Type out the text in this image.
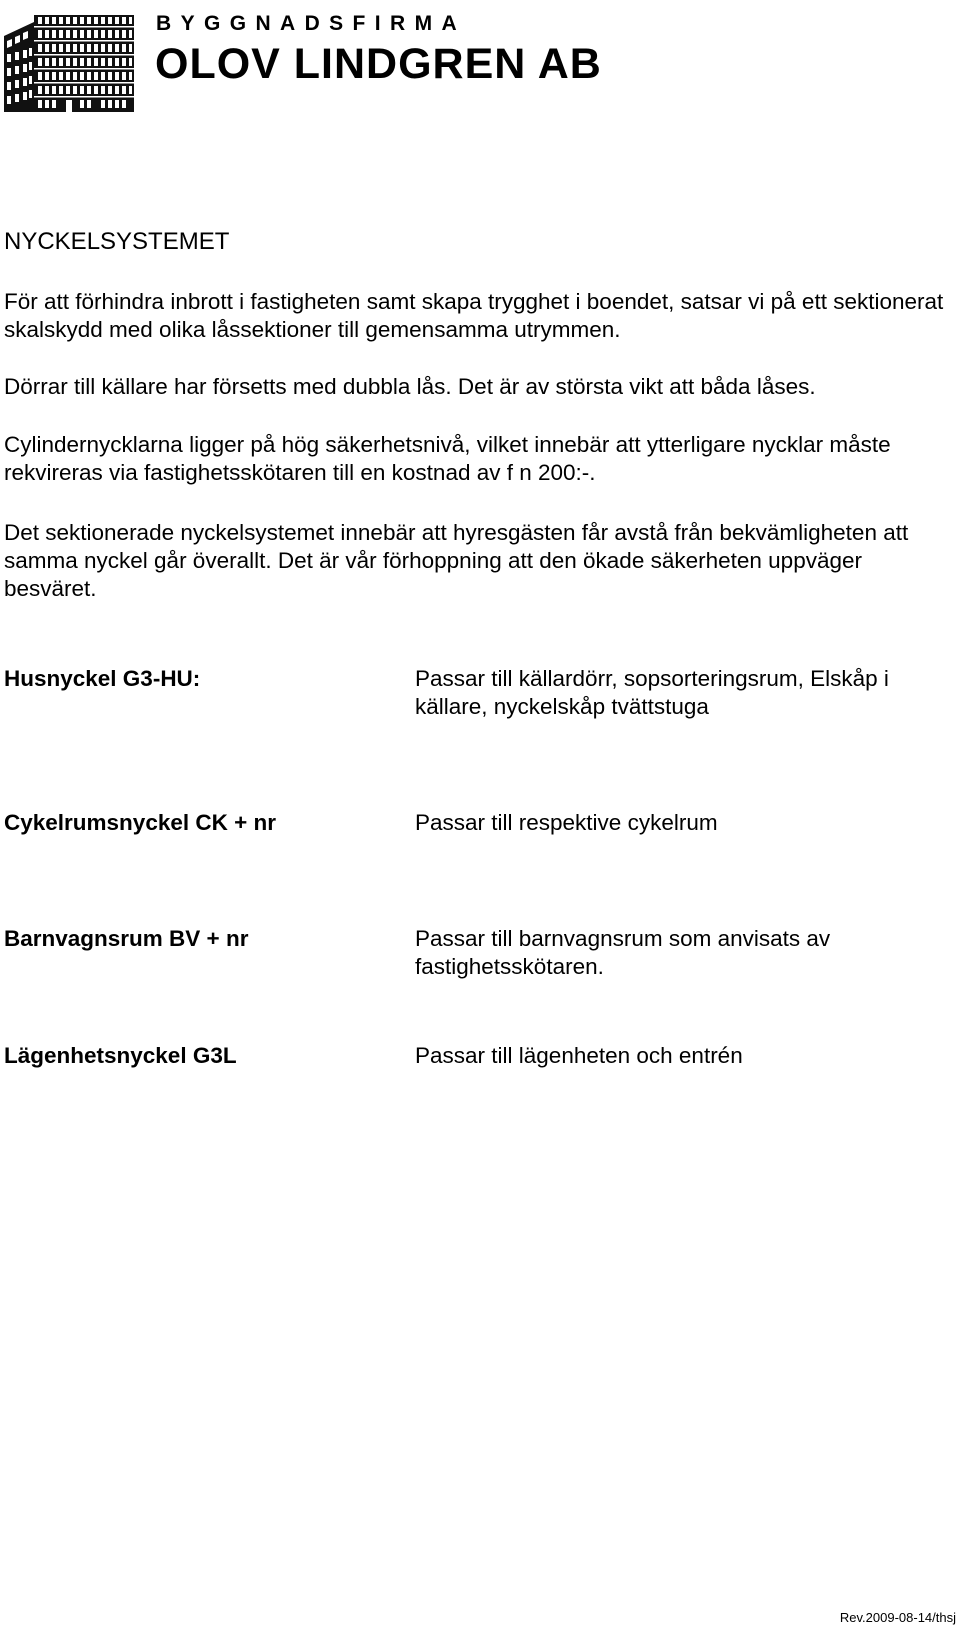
BYGGNADSFIRMA
OLOV LINDGREN AB
NYCKELSYSTEMET
För att förhindra inbrott i fastigheten samt skapa trygghet i boendet, satsar vi på ett sektionerat skalskydd med olika låssektioner till gemensamma utrymmen.
Dörrar till källare har försetts med dubbla lås. Det är av största vikt att båda låses.
Cylindernycklarna ligger på hög säkerhetsnivå, vilket innebär att ytterligare nycklar måste rekvireras via fastighetsskötaren till en kostnad av f n 200:-.
Det sektionerade nyckelsystemet innebär att hyresgästen får avstå från bekvämligheten att samma nyckel går överallt. Det är vår förhoppning att den ökade säkerheten uppväger besväret.
Husnyckel G3-HU:	Passar till källardörr, sopsorteringsrum, Elskåp i källare, nyckelskåp tvättstuga
Cykelrumsnyckel CK + nr	Passar till respektive cykelrum
Barnvagnsrum BV + nr	Passar till barnvagnsrum som anvisats av fastighetsskötaren.
Lägenhetsnyckel G3L	Passar till lägenheten och entrén
Rev.2009-08-14/thsj
